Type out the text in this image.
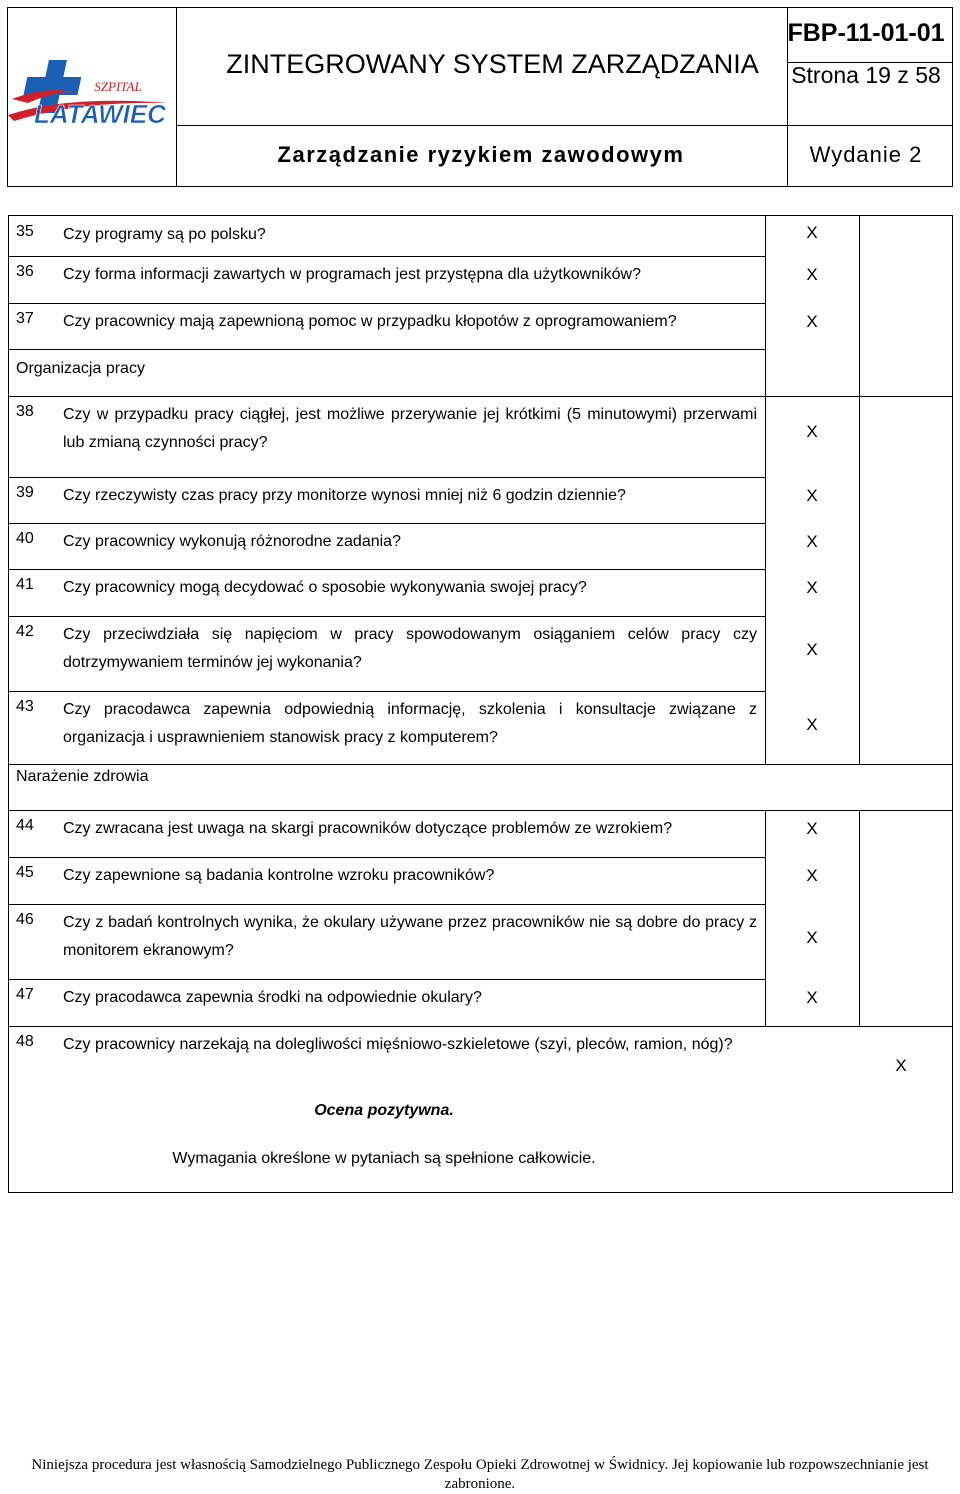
SZPITAL
LATAWIEC
ZINTEGROWANY SYSTEM ZARZĄDZANIA
FBP-11-01-01
Strona 19 z 58
Zarządzanie ryzykiem zawodowym	Wydanie 2
35 Czy programy są po polsku?	X
36 Czy forma informacji zawartych w programach jest przystępna dla użytkowników?	X
37 Czy pracownicy mają zapewnioną pomoc w przypadku kłopotów z oprogramowaniem?	X
Organizacja pracy
38 Czy w przypadku pracy ciągłej, jest możliwe przerywanie jej krótkimi (5 minutowymi) przerwami lub zmianą czynności pracy?
X
39 Czy rzeczywisty czas pracy przy monitorze wynosi mniej niż 6 godzin dziennie?	X
40 Czy pracownicy wykonują różnorodne zadania?	X
41 Czy pracownicy mogą decydować o sposobie wykonywania swojej pracy?	X
42 Czy przeciwdziała się napięciom w pracy spowodowanym osiąganiem celów pracy czy dotrzymywaniem terminów jej wykonania?
X
43 Czy pracodawca zapewnia odpowiednią informację, szkolenia i konsultacje związane z organizacja i usprawnieniem stanowisk pracy z komputerem?
X
Narażenie zdrowia
44 Czy zwracana jest uwaga na skargi pracowników dotyczące problemów ze wzrokiem?	X
45 Czy zapewnione są badania kontrolne wzroku pracowników?	X
46 Czy z badań kontrolnych wynika, że okulary używane przez pracowników nie są dobre do pracy z monitorem ekranowym?
X
47 Czy pracodawca zapewnia środki na odpowiednie okulary?	X
48 Czy pracownicy narzekają na dolegliwości mięśniowo-szkieletowe (szyi, pleców, ramion, nóg)?
X
Ocena pozytywna.
Wymagania określone w pytaniach są spełnione całkowicie.
Niniejsza procedura jest własnością Samodzielnego Publicznego Zespołu Opieki Zdrowotnej w Świdnicy. Jej kopiowanie lub rozpowszechnianie jest
zabronione.
